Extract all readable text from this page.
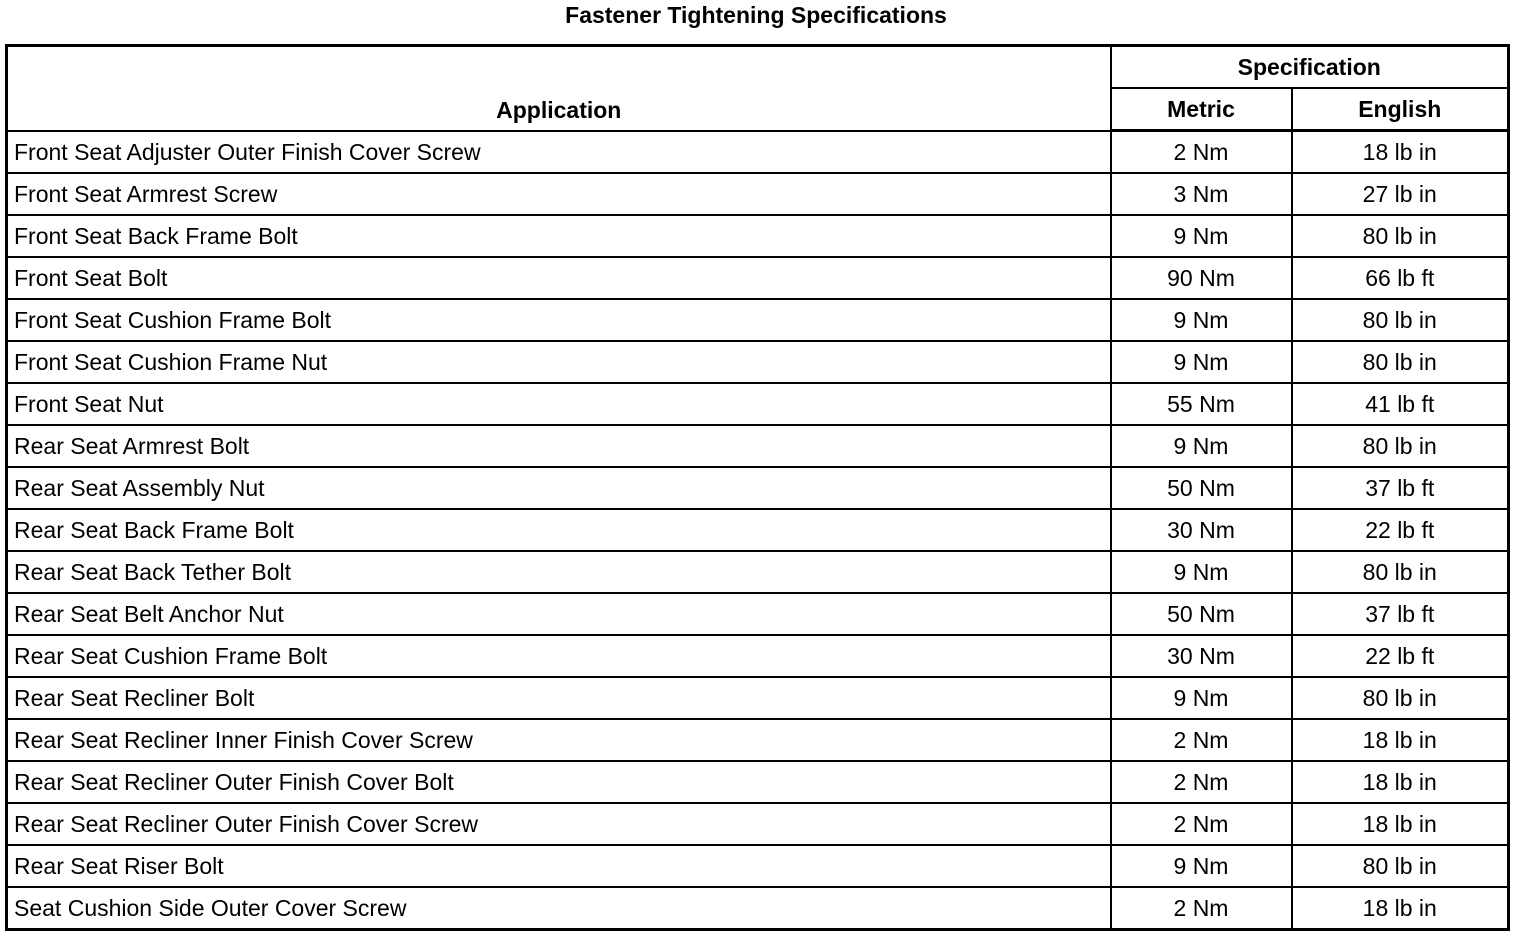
Fastener Tightening Specifications
Application	Specification	
	Metric	English
Front Seat Adjuster Outer Finish Cover Screw	2 Nm	18 lb in
Front Seat Armrest Screw	3 Nm	27 lb in
Front Seat Back Frame Bolt	9 Nm	80 lb in
Front Seat Bolt	90 Nm	66 lb ft
Front Seat Cushion Frame Bolt	9 Nm	80 lb in
Front Seat Cushion Frame Nut	9 Nm	80 lb in
Front Seat Nut	55 Nm	41 lb ft
Rear Seat Armrest Bolt	9 Nm	80 lb in
Rear Seat Assembly Nut	50 Nm	37 lb ft
Rear Seat Back Frame Bolt	30 Nm	22 lb ft
Rear Seat Back Tether Bolt	9 Nm	80 lb in
Rear Seat Belt Anchor Nut	50 Nm	37 lb ft
Rear Seat Cushion Frame Bolt	30 Nm	22 lb ft
Rear Seat Recliner Bolt	9 Nm	80 lb in
Rear Seat Recliner Inner Finish Cover Screw	2 Nm	18 lb in
Rear Seat Recliner Outer Finish Cover Bolt	2 Nm	18 lb in
Rear Seat Recliner Outer Finish Cover Screw	2 Nm	18 lb in
Rear Seat Riser Bolt	9 Nm	80 lb in
Seat Cushion Side Outer Cover Screw	2 Nm	18 lb in
